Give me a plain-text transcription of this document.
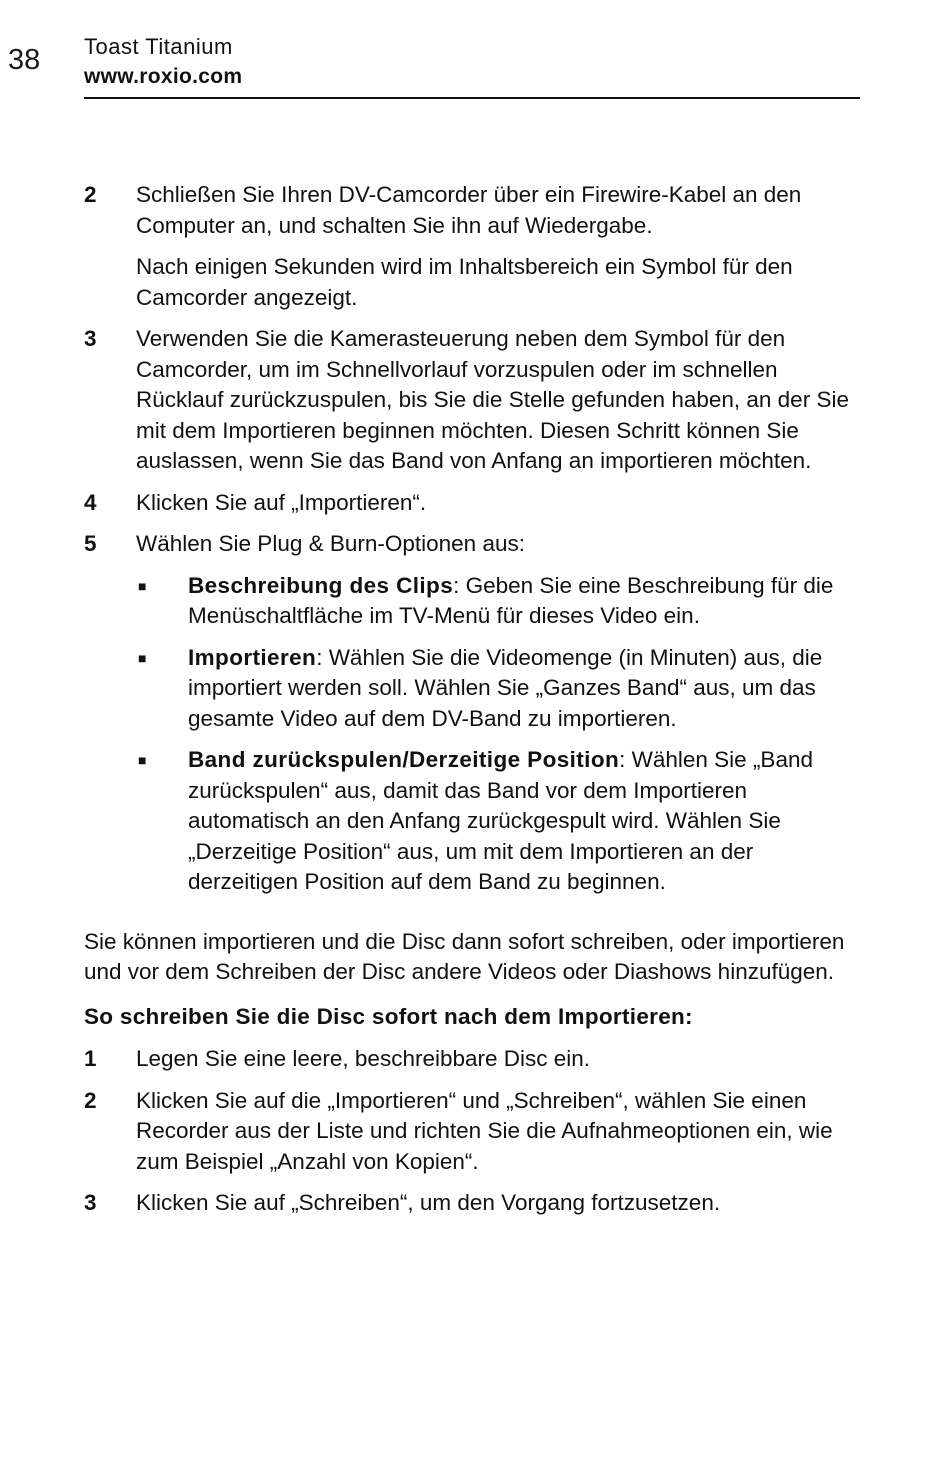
38 Toast Titanium
www.roxio.com
2	Schließen Sie Ihren DV-Camcorder über ein Firewire-Kabel an den Computer an, und schalten Sie ihn auf Wiedergabe.

Nach einigen Sekunden wird im Inhaltsbereich ein Symbol für den Camcorder angezeigt.

3	Verwenden Sie die Kamerasteuerung neben dem Symbol für den Camcorder, um im Schnellvorlauf vorzuspulen oder im schnellen Rücklauf zurückzuspulen, bis Sie die Stelle gefunden haben, an der Sie mit dem Importieren beginnen möchten. Diesen Schritt können Sie auslassen, wenn Sie das Band von Anfang an importieren möchten.

4	Klicken Sie auf „Importieren“.

5	Wählen Sie Plug & Burn-Optionen aus:

■	Beschreibung des Clips: Geben Sie eine Beschreibung für die Menüschaltfläche im TV-Menü für dieses Video ein.
■	Importieren: Wählen Sie die Videomenge (in Minuten) aus, die importiert werden soll. Wählen Sie „Ganzes Band“ aus, um das gesamte Video auf dem DV-Band zu importieren.
■	Band zurückspulen/Derzeitige Position: Wählen Sie „Band zurückspulen“ aus, damit das Band vor dem Importieren automatisch an den Anfang zurückgespult wird. Wählen Sie „Derzeitige Position“ aus, um mit dem Importieren an der derzeitigen Position auf dem Band zu beginnen.

Sie können importieren und die Disc dann sofort schreiben, oder importieren und vor dem Schreiben der Disc andere Videos oder Diashows hinzufügen.

So schreiben Sie die Disc sofort nach dem Importieren:

1	Legen Sie eine leere, beschreibbare Disc ein.

2	Klicken Sie auf die „Importieren“ und „Schreiben“, wählen Sie einen Recorder aus der Liste und richten Sie die Aufnahmeoptionen ein, wie zum Beispiel „Anzahl von Kopien“.

3	Klicken Sie auf „Schreiben“, um den Vorgang fortzusetzen.
